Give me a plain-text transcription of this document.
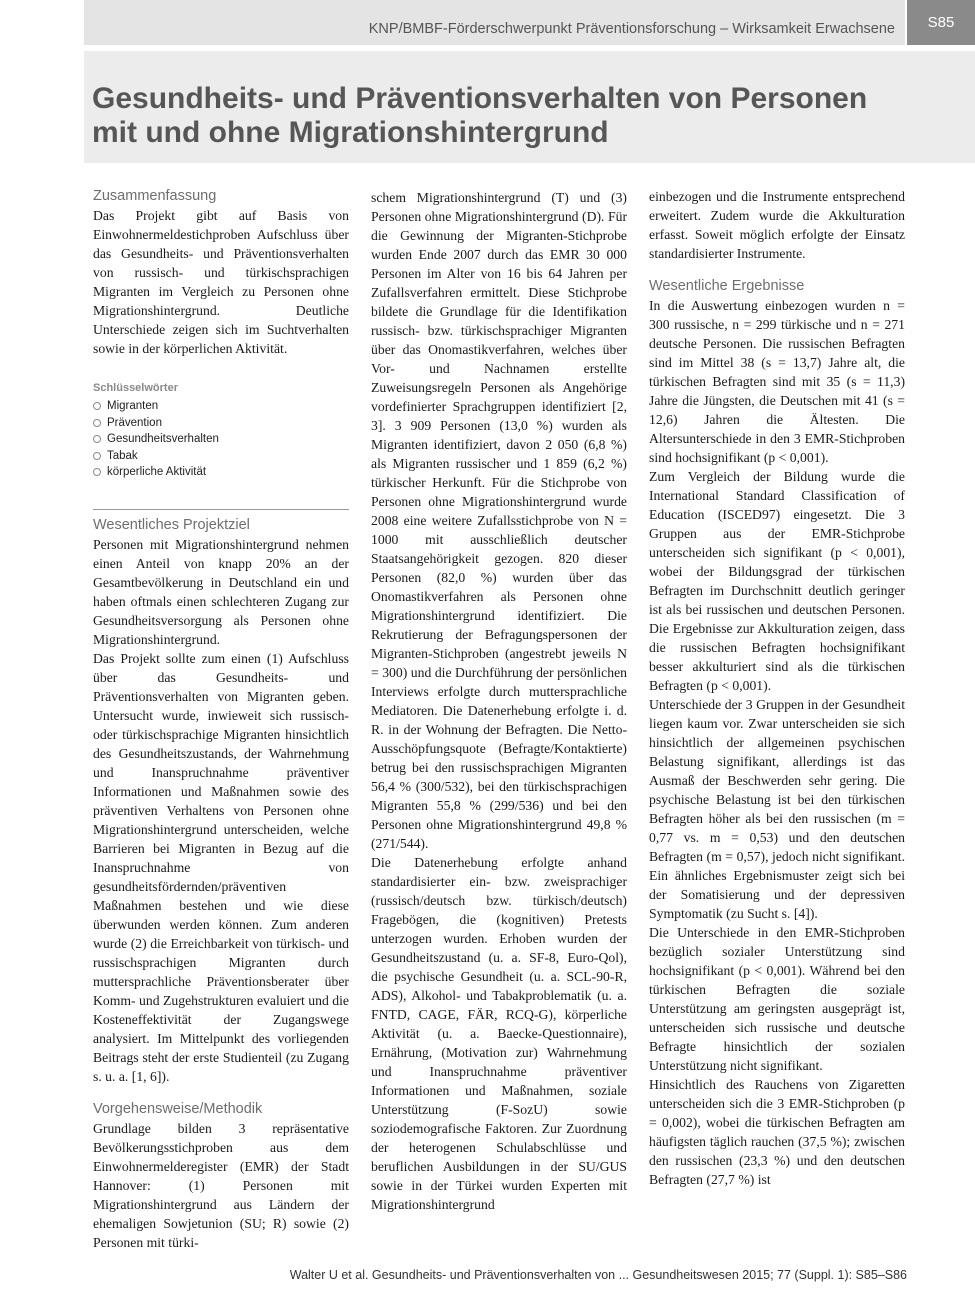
KNP/BMBF-Förderschwerpunkt Präventionsforschung – Wirksamkeit Erwachsene	S85
Gesundheits- und Präventionsverhalten von Personen
mit und ohne Migrationshintergrund
Zusammenfassung

Das Projekt gibt auf Basis von Einwohnermeldestichproben Aufschluss über das Gesundheits- und Präventionsverhalten von russisch- und türkischsprachigen Migranten im Vergleich zu Personen ohne Migrationshintergrund. Deutliche Unterschiede zeigen sich im Suchtverhalten sowie in der körperlichen Aktivität.

Schlüsselwörter
Migranten
Prävention
Gesundheitsverhalten
Tabak
körperliche Aktivität
Wesentliches Projektziel

Personen mit Migrationshintergrund nehmen einen Anteil von knapp 20% an der Gesamtbevölkerung in Deutschland ein und haben oftmals einen schlechteren Zugang zur Gesundheitsversorgung als Personen ohne Migrationshintergrund.

Das Projekt sollte zum einen (1) Aufschluss über das Gesundheits- und Präventionsverhalten von Migranten geben. Untersucht wurde, inwieweit sich russisch- oder türkischsprachige Migranten hinsichtlich des Gesundheitszustands, der Wahrnehmung und Inanspruchnahme präventiver Informationen und Maßnahmen sowie des präventiven Verhaltens von Personen ohne Migrationshintergrund unterscheiden, welche Barrieren bei Migranten in Bezug auf die Inanspruchnahme von gesundheitsfördernden/präventiven Maßnahmen bestehen und wie diese überwunden werden können. Zum anderen wurde (2) die Erreichbarkeit von türkisch- und russischsprachigen Migranten durch muttersprachliche Präventionsberater über Komm- und Zugehstrukturen evaluiert und die Kosteneffektivität der Zugangswege analysiert. Im Mittelpunkt des vorliegenden Beitrags steht der erste Studienteil (zu Zugang s. u. a. [1, 6]).

Vorgehensweise/Methodik

Grundlage bilden 3 repräsentative Bevölkerungsstichproben aus dem Einwohnermelderegister (EMR) der Stadt Hannover: (1) Personen mit Migrationshintergrund aus Ländern der ehemaligen Sowjetunion (SU; R) sowie (2) Personen mit türki-

schem Migrationshintergrund (T) und (3) Personen ohne Migrationshintergrund (D). Für die Gewinnung der Migranten-Stichprobe wurden Ende 2007 durch das EMR 30 000 Personen im Alter von 16 bis 64 Jahren per Zufallsverfahren ermittelt. Diese Stichprobe bildete die Grundlage für die Identifikation russisch- bzw. türkischsprachiger Migranten über das Onomastikverfahren, welches über Vor- und Nachnamen erstellte Zuweisungsregeln Personen als Angehörige vordefinierter Sprachgruppen identifiziert [2, 3]. 3 909 Personen (13,0 %) wurden als Migranten identifiziert, davon 2 050 (6,8 %) als Migranten russischer und 1 859 (6,2 %) türkischer Herkunft. Für die Stichprobe von Personen ohne Migrationshintergrund wurde 2008 eine weitere Zufallsstichprobe von N = 1000 mit ausschließlich deutscher Staatsangehörigkeit gezogen. 820 dieser Personen (82,0 %) wurden über das Onomastikverfahren als Personen ohne Migrationshintergrund identifiziert. Die Rekrutierung der Befragungspersonen der Migranten-Stichproben (angestrebt jeweils N = 300) und die Durchführung der persönlichen Interviews erfolgte durch muttersprachliche Mediatoren. Die Datenerhebung erfolgte i. d. R. in der Wohnung der Befragten. Die Netto-Ausschöpfungsquote (Befragte/Kontaktierte) betrug bei den russischsprachigen Migranten 56,4 % (300/532), bei den türkischsprachigen Migranten 55,8 % (299/536) und bei den Personen ohne Migrationshintergrund 49,8 % (271/544).

Die Datenerhebung erfolgte anhand standardisierter ein- bzw. zweisprachiger (russisch/deutsch bzw. türkisch/deutsch) Fragebögen, die (kognitiven) Pretests unterzogen wurden. Erhoben wurden der Gesundheitszustand (u. a. SF-8, Euro-Qol), die psychische Gesundheit (u. a. SCL-90-R, ADS), Alkohol- und Tabakproblematik (u. a. FNTD, CAGE, FÄR, RCQ-G), körperliche Aktivität (u. a. Baecke-Questionnaire), Ernährung, (Motivation zur) Wahrnehmung und Inanspruchnahme präventiver Informationen und Maßnahmen, soziale Unterstützung (F-SozU) sowie soziodemografische Faktoren. Zur Zuordnung der heterogenen Schulabschlüsse und beruflichen Ausbildungen in der SU/GUS sowie in der Türkei wurden Experten mit Migrationshintergrund

einbezogen und die Instrumente entsprechend erweitert. Zudem wurde die Akkulturation erfasst. Soweit möglich erfolgte der Einsatz standardisierter Instrumente.

Wesentliche Ergebnisse

In die Auswertung einbezogen wurden n = 300 russische, n = 299 türkische und n = 271 deutsche Personen. Die russischen Befragten sind im Mittel 38 (s = 13,7) Jahre alt, die türkischen Befragten sind mit 35 (s = 11,3) Jahre die Jüngsten, die Deutschen mit 41 (s = 12,6) Jahren die Ältesten. Die Altersunterschiede in den 3 EMR-Stichproben sind hochsignifikant (p < 0,001).

Zum Vergleich der Bildung wurde die International Standard Classification of Education (ISCED97) eingesetzt. Die 3 Gruppen aus der EMR-Stichprobe unterscheiden sich signifikant (p < 0,001), wobei der Bildungsgrad der türkischen Befragten im Durchschnitt deutlich geringer ist als bei russischen und deutschen Personen. Die Ergebnisse zur Akkulturation zeigen, dass die russischen Befragten hochsignifikant besser akkulturiert sind als die türkischen Befragten (p < 0,001).

Unterschiede der 3 Gruppen in der Gesundheit liegen kaum vor. Zwar unterscheiden sie sich hinsichtlich der allgemeinen psychischen Belastung signifikant, allerdings ist das Ausmaß der Beschwerden sehr gering. Die psychische Belastung ist bei den türkischen Befragten höher als bei den russischen (m = 0,77 vs. m = 0,53) und den deutschen Befragten (m = 0,57), jedoch nicht signifikant. Ein ähnliches Ergebnismuster zeigt sich bei der Somatisierung und der depressiven Symptomatik (zu Sucht s. [4]).

Die Unterschiede in den EMR-Stichproben bezüglich sozialer Unterstützung sind hochsignifikant (p < 0,001). Während bei den türkischen Befragten die soziale Unterstützung am geringsten ausgeprägt ist, unterscheiden sich russische und deutsche Befragte hinsichtlich der sozialen Unterstützung nicht signifikant.

Hinsichtlich des Rauchens von Zigaretten unterscheiden sich die 3 EMR-Stichproben (p = 0,002), wobei die türkischen Befragten am häufigsten täglich rauchen (37,5 %); zwischen den russischen (23,3 %) und den deutschen Befragten (27,7 %) ist

Walter U et al. Gesundheits- und Präventionsverhalten von ... Gesundheitswesen 2015; 77 (Suppl. 1): S85–S86
